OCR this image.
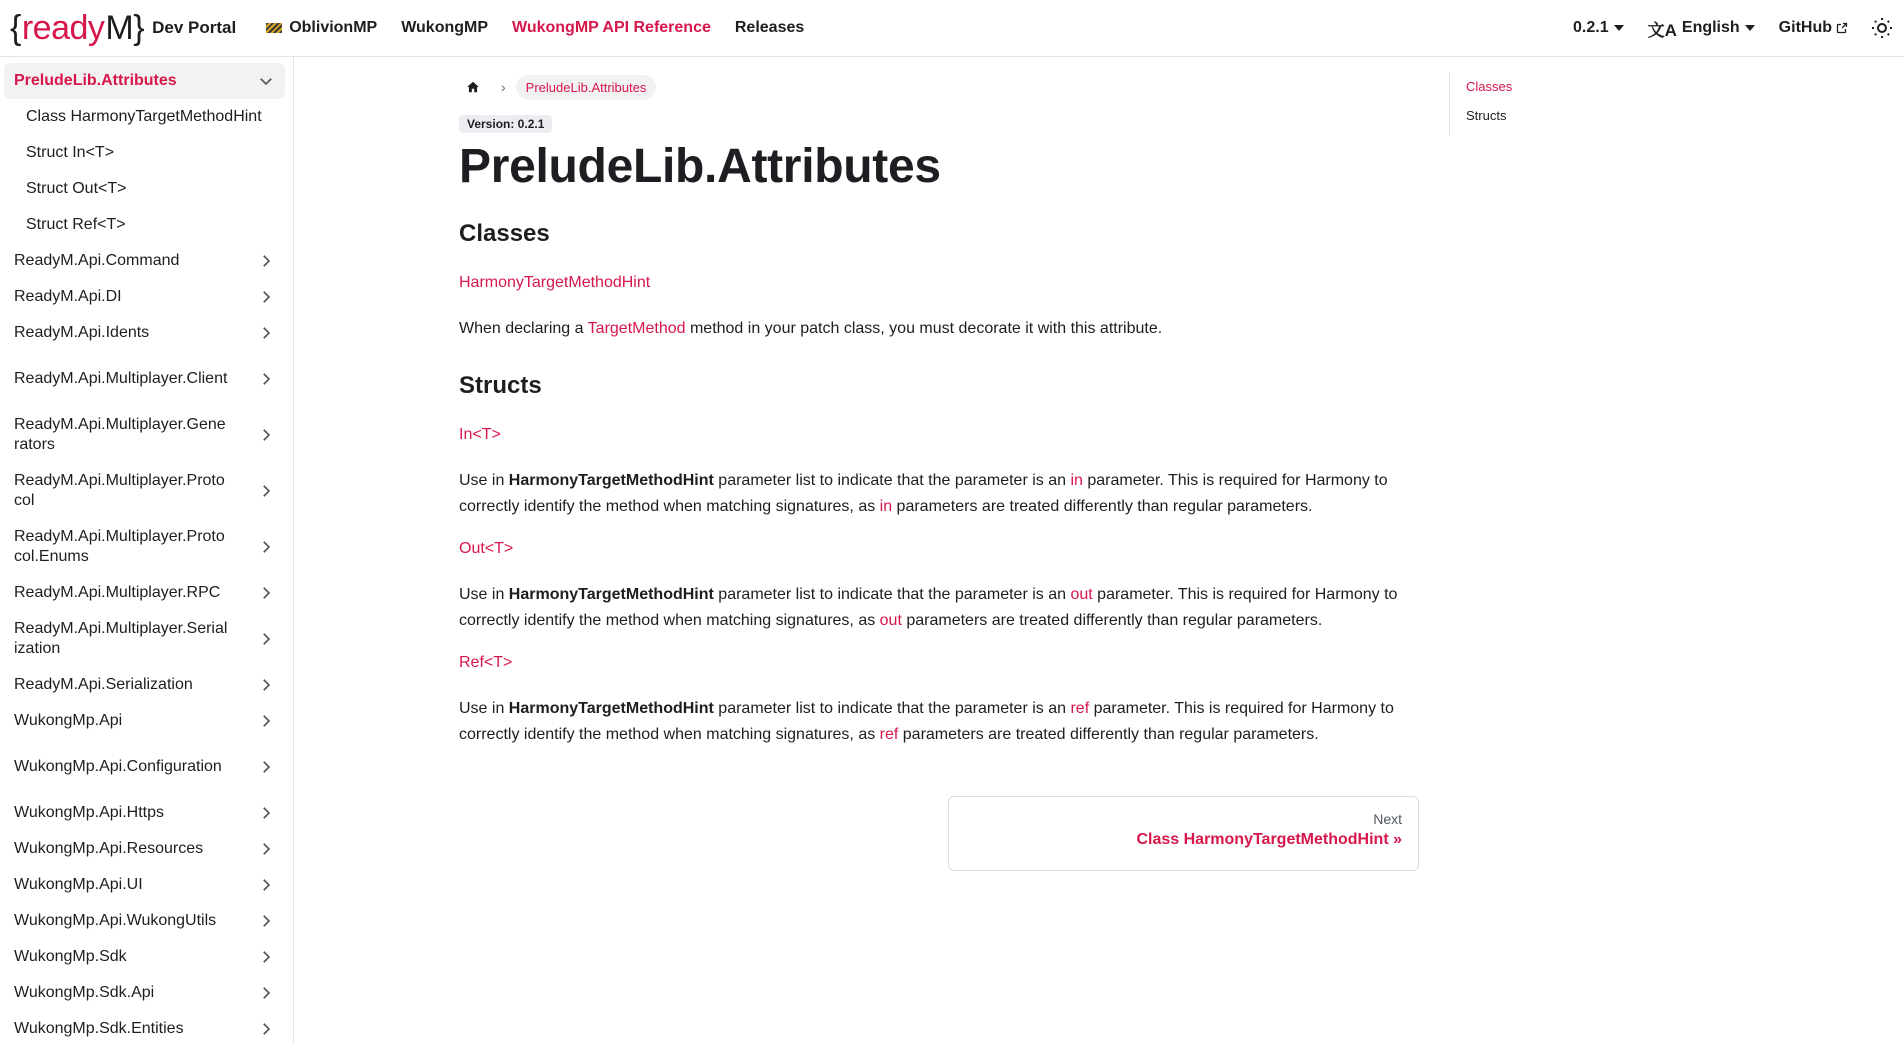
{ ready M } Dev Portal	OblivionMP WukongMP WukongMP API Reference Releases	0.2.1 文A English GitHub
PreludeLib.Attributes
Class HarmonyTargetMethodHint
Struct In<T>
Struct Out<T>
Struct Ref<T>
ReadyM.Api.Command
ReadyM.Api.DI
ReadyM.Api.Idents
ReadyM.Api.Multiplayer.Client
ReadyM.Api.Multiplayer.Generators
ReadyM.Api.Multiplayer.Protocol
ReadyM.Api.Multiplayer.Protocol.Enums
ReadyM.Api.Multiplayer.RPC
ReadyM.Api.Multiplayer.Serialization
ReadyM.Api.Serialization
WukongMp.Api
WukongMp.Api.Configuration
WukongMp.Api.Https
WukongMp.Api.Resources
WukongMp.Api.UI
WukongMp.Api.WukongUtils
WukongMp.Sdk
WukongMp.Sdk.Api
WukongMp.Sdk.Entities
›	PreludeLib.Attributes
Version: 0.2.1
PreludeLib.Attributes
Classes

HarmonyTargetMethodHint

When declaring a TargetMethod method in your patch class, you must decorate it with this attribute.

Structs

In<T>

Use in HarmonyTargetMethodHint parameter list to indicate that the parameter is an in parameter. This is required for Harmony to correctly identify the method when matching signatures, as in parameters are treated differently than regular parameters.

Out<T>

Use in HarmonyTargetMethodHint parameter list to indicate that the parameter is an out parameter. This is required for Harmony to correctly identify the method when matching signatures, as out parameters are treated differently than regular parameters.

Ref<T>

Use in HarmonyTargetMethodHint parameter list to indicate that the parameter is an ref parameter. This is required for Harmony to correctly identify the method when matching signatures, as ref parameters are treated differently than regular parameters.

Next
Class HarmonyTargetMethodHint »
Classes
Structs
